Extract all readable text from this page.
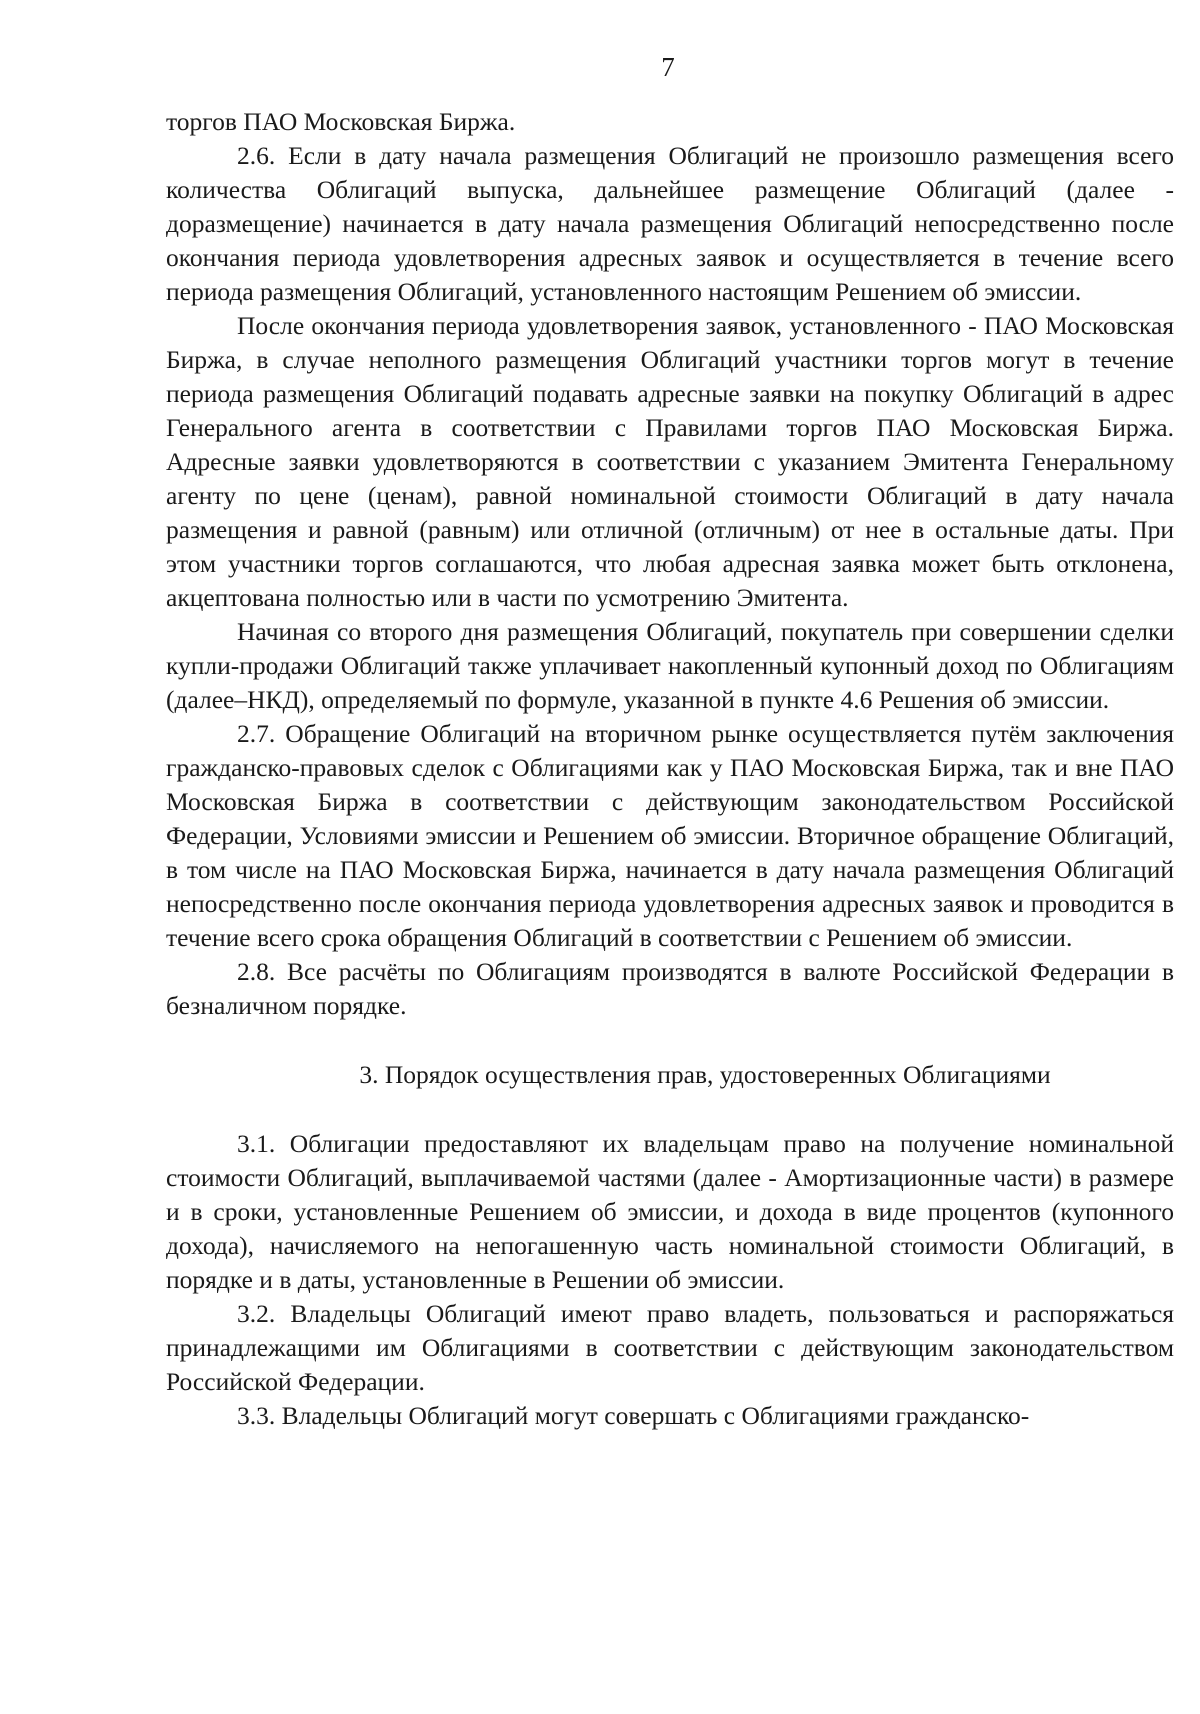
7

торгов ПАО Московская Биржа.

2.6. Если в дату начала размещения Облигаций не произошло размещения всего количества Облигаций выпуска, дальнейшее размещение Облигаций (далее - доразмещение) начинается в дату начала размещения Облигаций непосредственно после окончания периода удовлетворения адресных заявок и осуществляется в течение всего периода размещения Облигаций, установленного настоящим Решением об эмиссии.

После окончания периода удовлетворения заявок, установленного - ПАО Московская Биржа, в случае неполного размещения Облигаций участники торгов могут в течение периода размещения Облигаций подавать адресные заявки на покупку Облигаций в адрес Генерального агента в соответствии с Правилами торгов ПАО Московская Биржа. Адресные заявки удовлетворяются в соответствии с указанием Эмитента Генеральному агенту по цене (ценам), равной номинальной стоимости Облигаций в дату начала размещения и равной (равным) или отличной (отличным) от нее в остальные даты. При этом участники торгов соглашаются, что любая адресная заявка может быть отклонена, акцептована полностью или в части по усмотрению Эмитента.

Начиная со второго дня размещения Облигаций, покупатель при совершении сделки купли-продажи Облигаций также уплачивает накопленный купонный доход по Облигациям (далее–НКД), определяемый по формуле, указанной в пункте 4.6 Решения об эмиссии.

2.7. Обращение Облигаций на вторичном рынке осуществляется путём заключения гражданско-правовых сделок с Облигациями как у ПАО Московская Биржа, так и вне ПАО Московская Биржа в соответствии с действующим законодательством Российской Федерации, Условиями эмиссии и Решением об эмиссии. Вторичное обращение Облигаций, в том числе на ПАО Московская Биржа, начинается в дату начала размещения Облигаций непосредственно после окончания периода удовлетворения адресных заявок и проводится в течение всего срока обращения Облигаций в соответствии с Решением об эмиссии.

2.8. Все расчёты по Облигациям производятся в валюте Российской Федерации в безналичном порядке.

3. Порядок осуществления прав, удостоверенных Облигациями

3.1. Облигации предоставляют их владельцам право на получение номинальной стоимости Облигаций, выплачиваемой частями (далее - Амортизационные части) в размере и в сроки, установленные Решением об эмиссии, и дохода в виде процентов (купонного дохода), начисляемого на непогашенную часть номинальной стоимости Облигаций, в порядке и в даты, установленные в Решении об эмиссии.

3.2. Владельцы Облигаций имеют право владеть, пользоваться и распоряжаться принадлежащими им Облигациями в соответствии с действующим законодательством Российской Федерации.

3.3. Владельцы Облигаций могут совершать с Облигациями гражданско-
